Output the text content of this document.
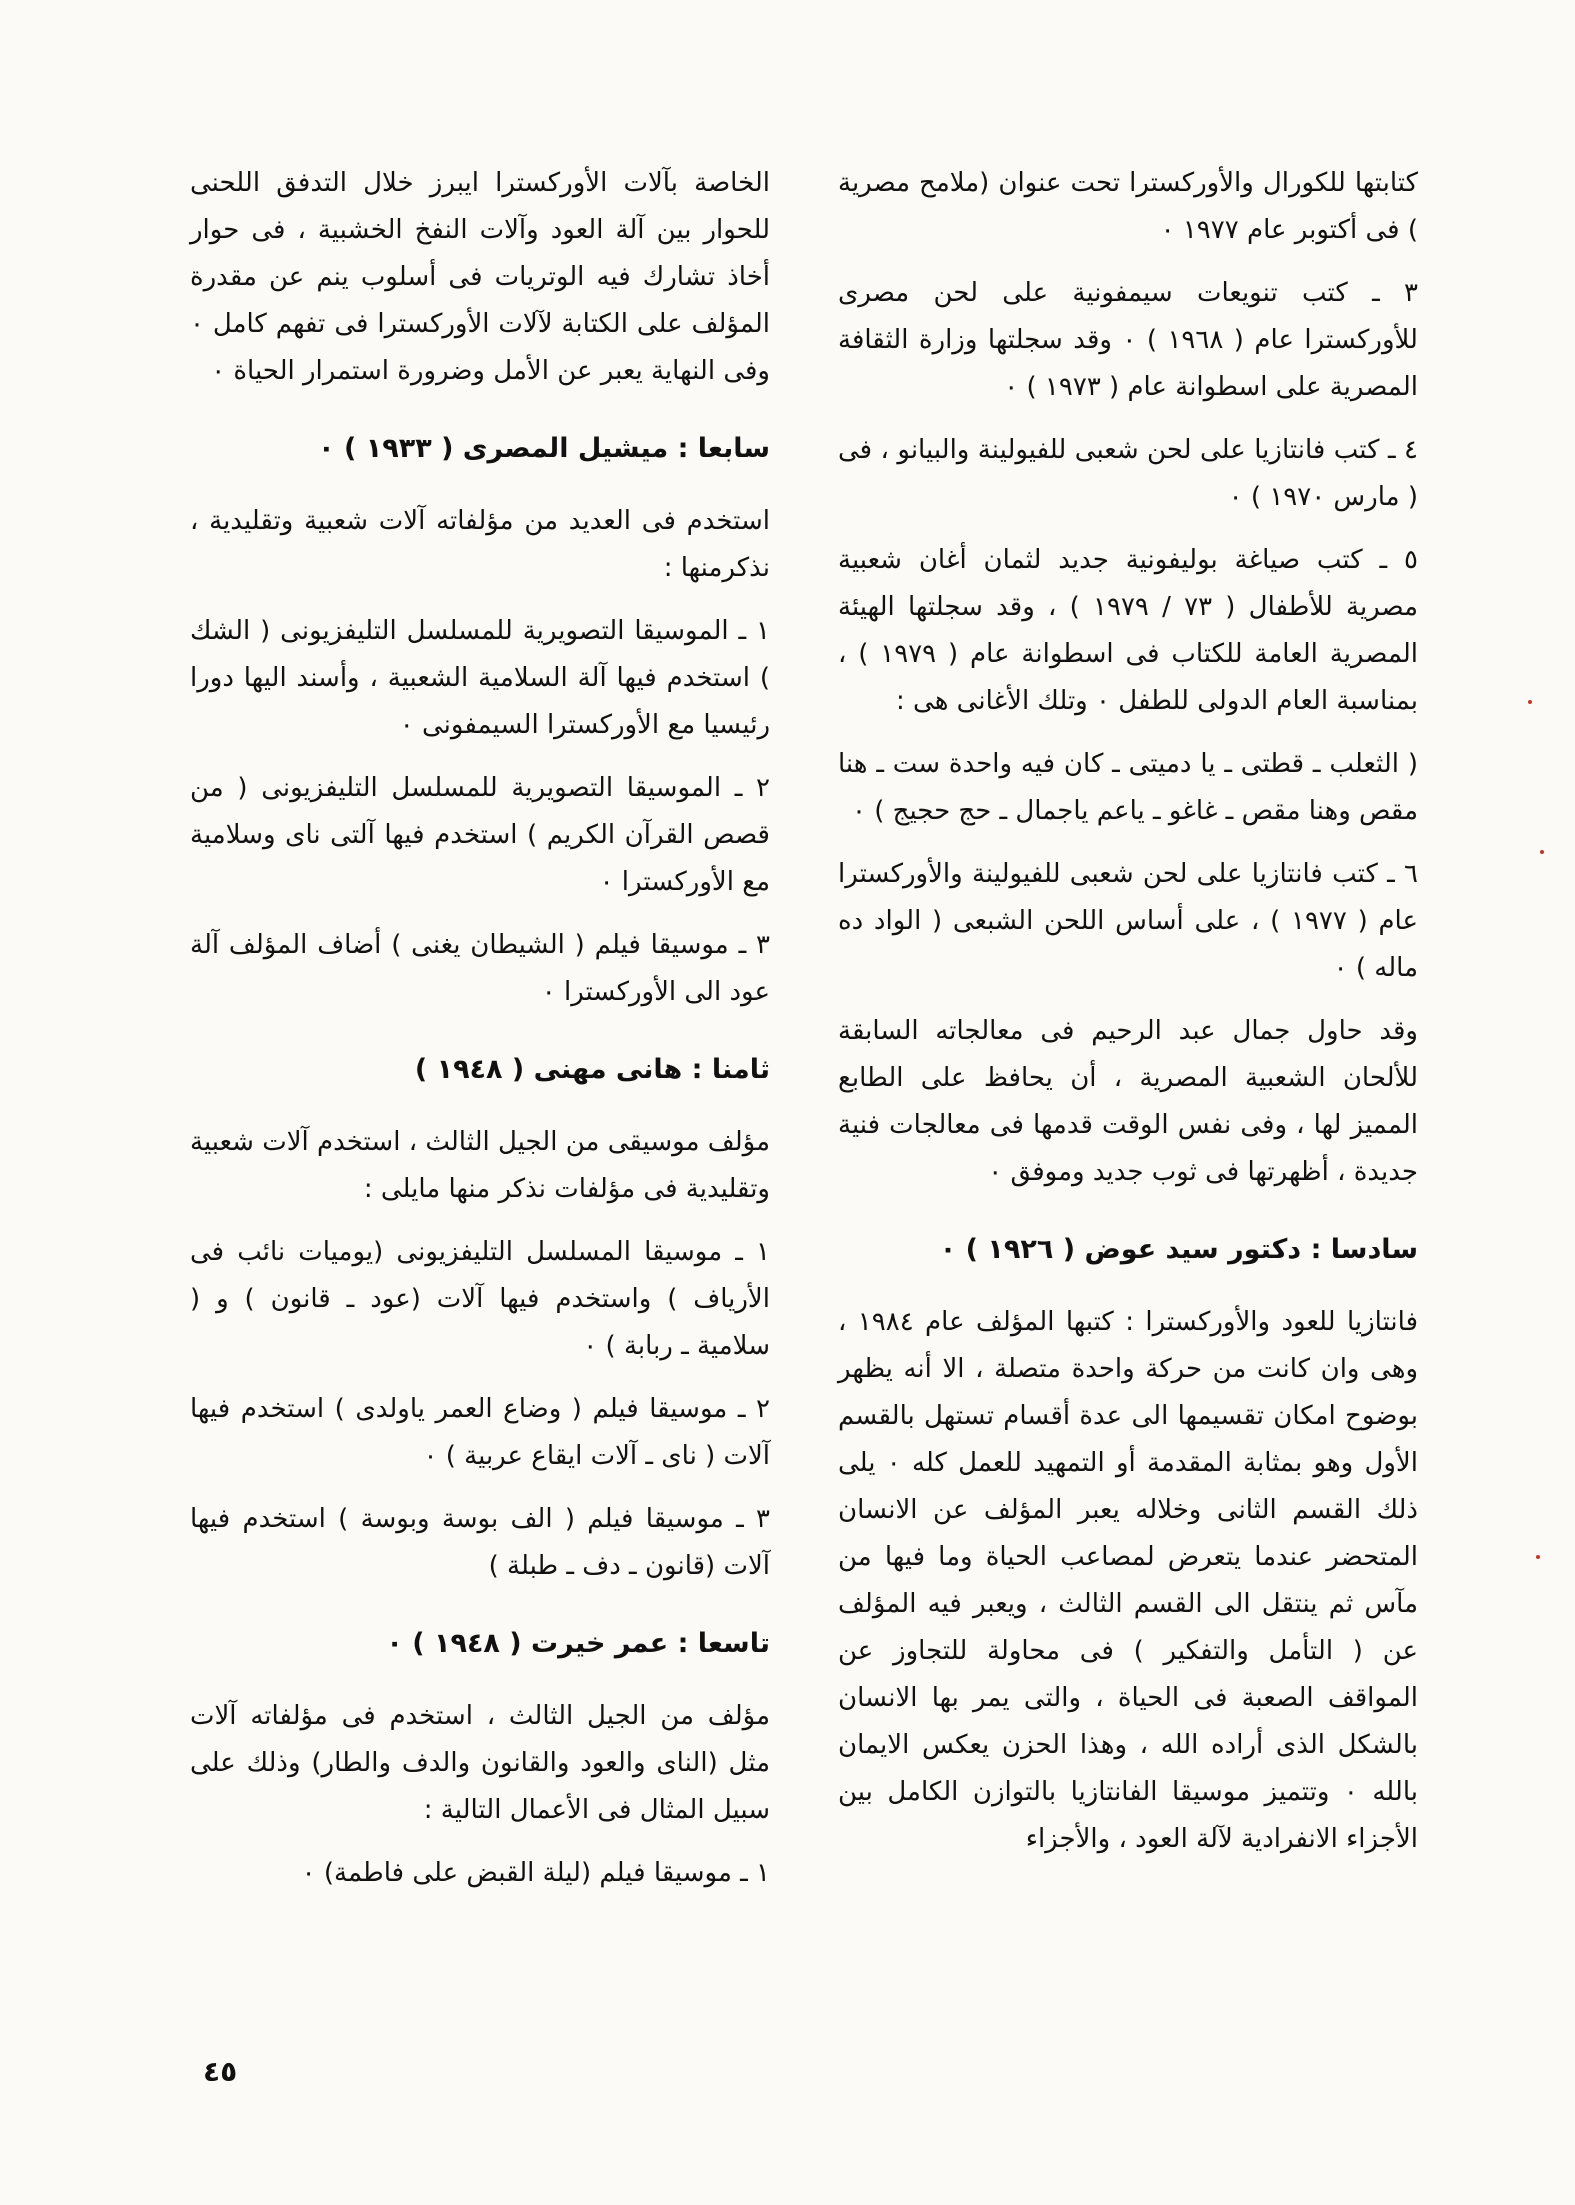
كتابتها للكورال والأوركسترا تحت عنوان (ملامح مصرية ) فى أكتوبر عام ١٩٧٧ ٠

٣ ـ كتب تنويعات سيمفونية على لحن مصرى للأوركسترا عام ( ١٩٦٨ ) ٠ وقد سجلتها وزارة الثقافة المصرية على اسطوانة عام ( ١٩٧٣ ) ٠

٤ ـ كتب فانتازيا على لحن شعبى للفيولينة والبيانو ، فى ( مارس ١٩٧٠ ) ٠

٥ ـ كتب صياغة بوليفونية جديد لثمان أغان شعبية مصرية للأطفال ( ٧٣ / ١٩٧٩ ) ، وقد سجلتها الهيئة المصرية العامة للكتاب فى اسطوانة عام ( ١٩٧٩ ) ، بمناسبة العام الدولى للطفل ٠ وتلك الأغانى هى :

( الثعلب ـ قطتى ـ يا دميتى ـ كان فيه واحدة ست ـ هنا مقص وهنا مقص ـ غاغو ـ ياعم ياجمال ـ حج حجيج ) ٠

٦ ـ كتب فانتازيا على لحن شعبى للفيولينة والأوركسترا عام ( ١٩٧٧ ) ، على أساس اللحن الشبعى ( الواد ده ماله ) ٠

وقد حاول جمال عبد الرحيم فى معالجاته السابقة للألحان الشعبية المصرية ، أن يحافظ على الطابع المميز لها ، وفى نفس الوقت قدمها فى معالجات فنية جديدة ، أظهرتها فى ثوب جديد وموفق ٠

سادسا : دكتور سيد عوض ( ١٩٢٦ ) ٠

فانتازيا للعود والأوركسترا : كتبها المؤلف عام ١٩٨٤ ، وهى وان كانت من حركة واحدة متصلة ، الا أنه يظهر بوضوح امكان تقسيمها الى عدة أقسام تستهل بالقسم الأول وهو بمثابة المقدمة أو التمهيد للعمل كله ٠ يلى ذلك القسم الثانى وخلاله يعبر المؤلف عن الانسان المتحضر عندما يتعرض لمصاعب الحياة وما فيها من مآس ثم ينتقل الى القسم الثالث ، ويعبر فيه المؤلف عن ( التأمل والتفكير ) فى محاولة للتجاوز عن المواقف الصعبة فى الحياة ، والتى يمر بها الانسان بالشكل الذى أراده الله ، وهذا الحزن يعكس الايمان بالله ٠ وتتميز موسيقا الفانتازيا بالتوازن الكامل بين الأجزاء الانفرادية لآلة العود ، والأجزاء

الخاصة بآلات الأوركسترا ايبرز خلال التدفق اللحنى للحوار بين آلة العود وآلات النفخ الخشبية ، فى حوار أخاذ تشارك فيه الوتريات فى أسلوب ينم عن مقدرة المؤلف على الكتابة لآلات الأوركسترا فى تفهم كامل ٠ وفى النهاية يعبر عن الأمل وضرورة استمرار الحياة ٠

سابعا : ميشيل المصرى ( ١٩٣٣ ) ٠

استخدم فى العديد من مؤلفاته آلات شعبية وتقليدية ، نذكرمنها :

١ ـ الموسيقا التصويرية للمسلسل التليفزيونى ( الشك ) استخدم فيها آلة السلامية الشعبية ، وأسند اليها دورا رئيسيا مع الأوركسترا السيمفونى ٠

٢ ـ الموسيقا التصويرية للمسلسل التليفزيونى ( من قصص القرآن الكريم ) استخدم فيها آلتى ناى وسلامية مع الأوركسترا ٠

٣ ـ موسيقا فيلم ( الشيطان يغنى ) أضاف المؤلف آلة عود الى الأوركسترا ٠

ثامنا : هانى مهنى ( ١٩٤٨ )

مؤلف موسيقى من الجيل الثالث ، استخدم آلات شعبية وتقليدية فى مؤلفات نذكر منها مايلى :

١ ـ موسيقا المسلسل التليفزيونى (يوميات نائب فى الأرياف ) واستخدم فيها آلات (عود ـ قانون ) و ( سلامية ـ ربابة ) ٠

٢ ـ موسيقا فيلم ( وضاع العمر ياولدى ) استخدم فيها آلات ( ناى ـ آلات ايقاع عربية ) ٠

٣ ـ موسيقا فيلم ( الف بوسة وبوسة ) استخدم فيها آلات (قانون ـ دف ـ طبلة )

تاسعا : عمر خيرت ( ١٩٤٨ ) ٠

مؤلف من الجيل الثالث ، استخدم فى مؤلفاته آلات مثل (الناى والعود والقانون والدف والطار) وذلك على سبيل المثال فى الأعمال التالية :

١ ـ موسيقا فيلم (ليلة القبض على فاطمة) ٠

٤٥
